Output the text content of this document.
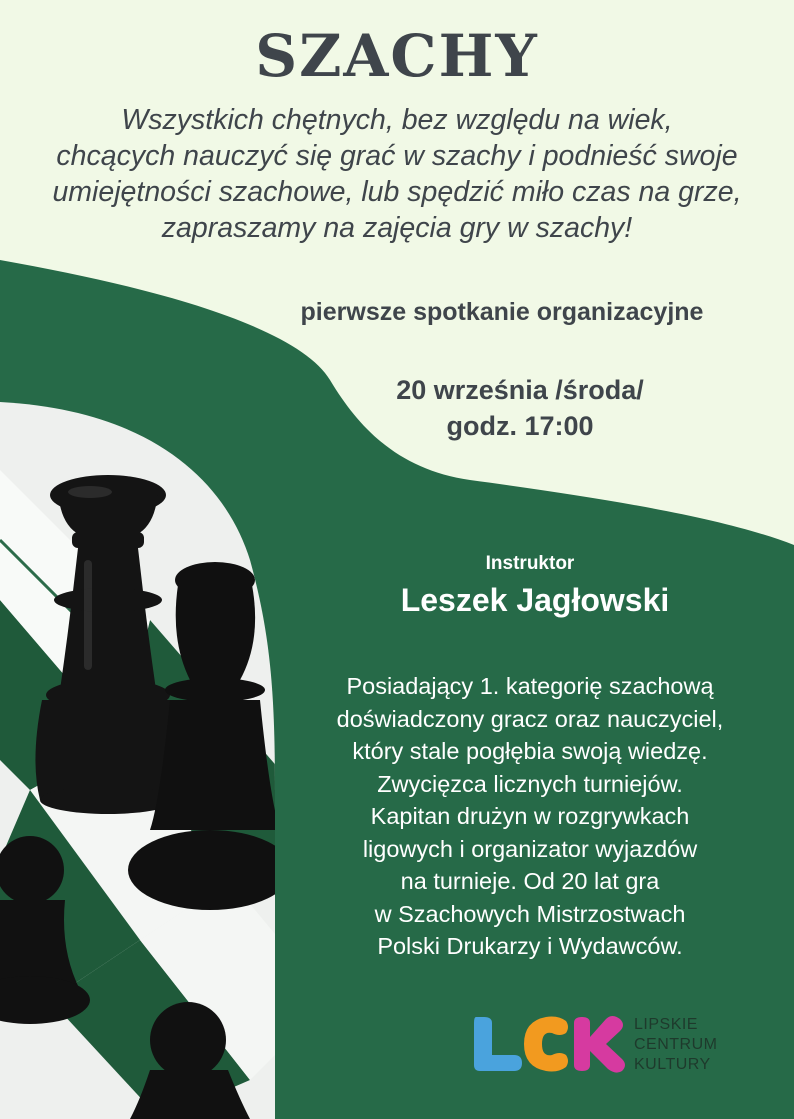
SZACHY
Wszystkich chętnych, bez względu na wiek,
chcących nauczyć się grać w szachy i podnieść swoje
umiejętności szachowe, lub spędzić miło czas na grze,
zapraszamy na zajęcia gry w szachy!

pierwsze spotkanie organizacyjne

20 września /środa/
godz. 17:00

Instruktor

Leszek Jagłowski

Posiadający 1. kategorię szachową
doświadczony gracz oraz nauczyciel,
który stale pogłębia swoją wiedzę.
Zwycięzca licznych turniejów.
Kapitan drużyn w rozgrywkach
ligowych i organizator wyjazdów
na turnieje. Od 20 lat gra
w Szachowych Mistrzostwach
Polski Drukarzy i Wydawców.
LIPSKIE
CENTRUM
KULTURY
